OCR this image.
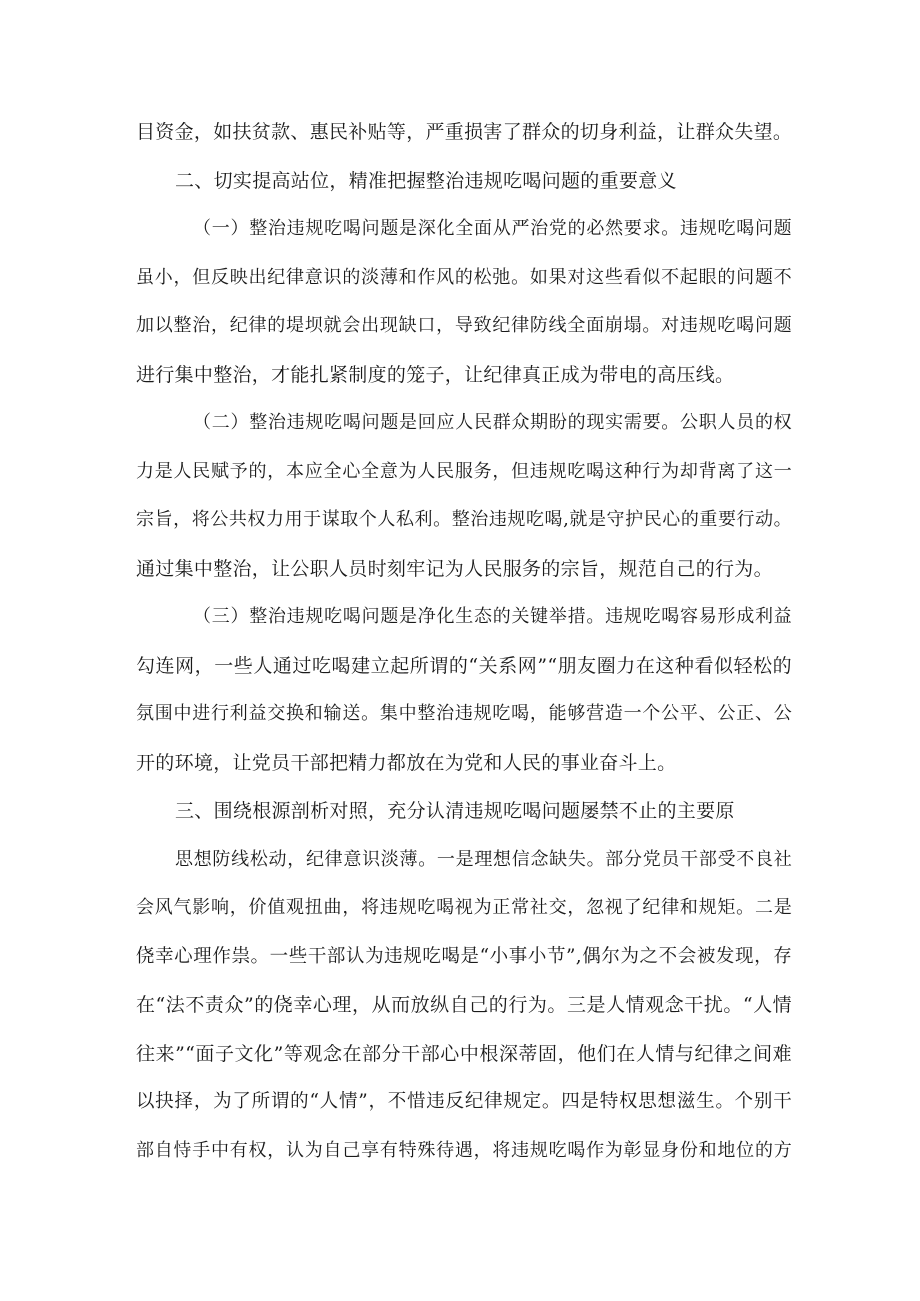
目资金，如扶贫款、惠民补贴等，严重损害了群众的切身利益，让群众失望。
二、切实提高站位，精准把握整治违规吃喝问题的重要意义
（一）整治违规吃喝问题是深化全面从严治党的必然要求。违规吃喝问题
虽小，但反映出纪律意识的淡薄和作风的松弛。如果对这些看似不起眼的问题不
加以整治，纪律的堤坝就会出现缺口，导致纪律防线全面崩塌。对违规吃喝问题
进行集中整治，才能扎紧制度的笼子，让纪律真正成为带电的高压线。
（二）整治违规吃喝问题是回应人民群众期盼的现实需要。公职人员的权
力是人民赋予的，本应全心全意为人民服务，但违规吃喝这种行为却背离了这一
宗旨，将公共权力用于谋取个人私利。整治违规吃喝,就是守护民心的重要行动。
通过集中整治，让公职人员时刻牢记为人民服务的宗旨，规范自己的行为。
（三）整治违规吃喝问题是净化生态的关键举措。违规吃喝容易形成利益
勾连网，一些人通过吃喝建立起所谓的“关系网”“朋友圈力在这种看似轻松的
氛围中进行利益交换和输送。集中整治违规吃喝，能够营造一个公平、公正、公
开的环境，让党员干部把精力都放在为党和人民的事业奋斗上。
三、围绕根源剖析对照，充分认清违规吃喝问题屡禁不止的主要原
思想防线松动，纪律意识淡薄。一是理想信念缺失。部分党员干部受不良社
会风气影响，价值观扭曲，将违规吃喝视为正常社交，忽视了纪律和规矩。二是
侥幸心理作祟。一些干部认为违规吃喝是“小事小节”,偶尔为之不会被发现，存
在“法不责众”的侥幸心理，从而放纵自己的行为。三是人情观念干扰。“人情
往来”“面子文化”等观念在部分干部心中根深蒂固，他们在人情与纪律之间难
以抉择，为了所谓的“人情”，不惜违反纪律规定。四是特权思想滋生。个别干
部自恃手中有权，认为自己享有特殊待遇，将违规吃喝作为彰显身份和地位的方
